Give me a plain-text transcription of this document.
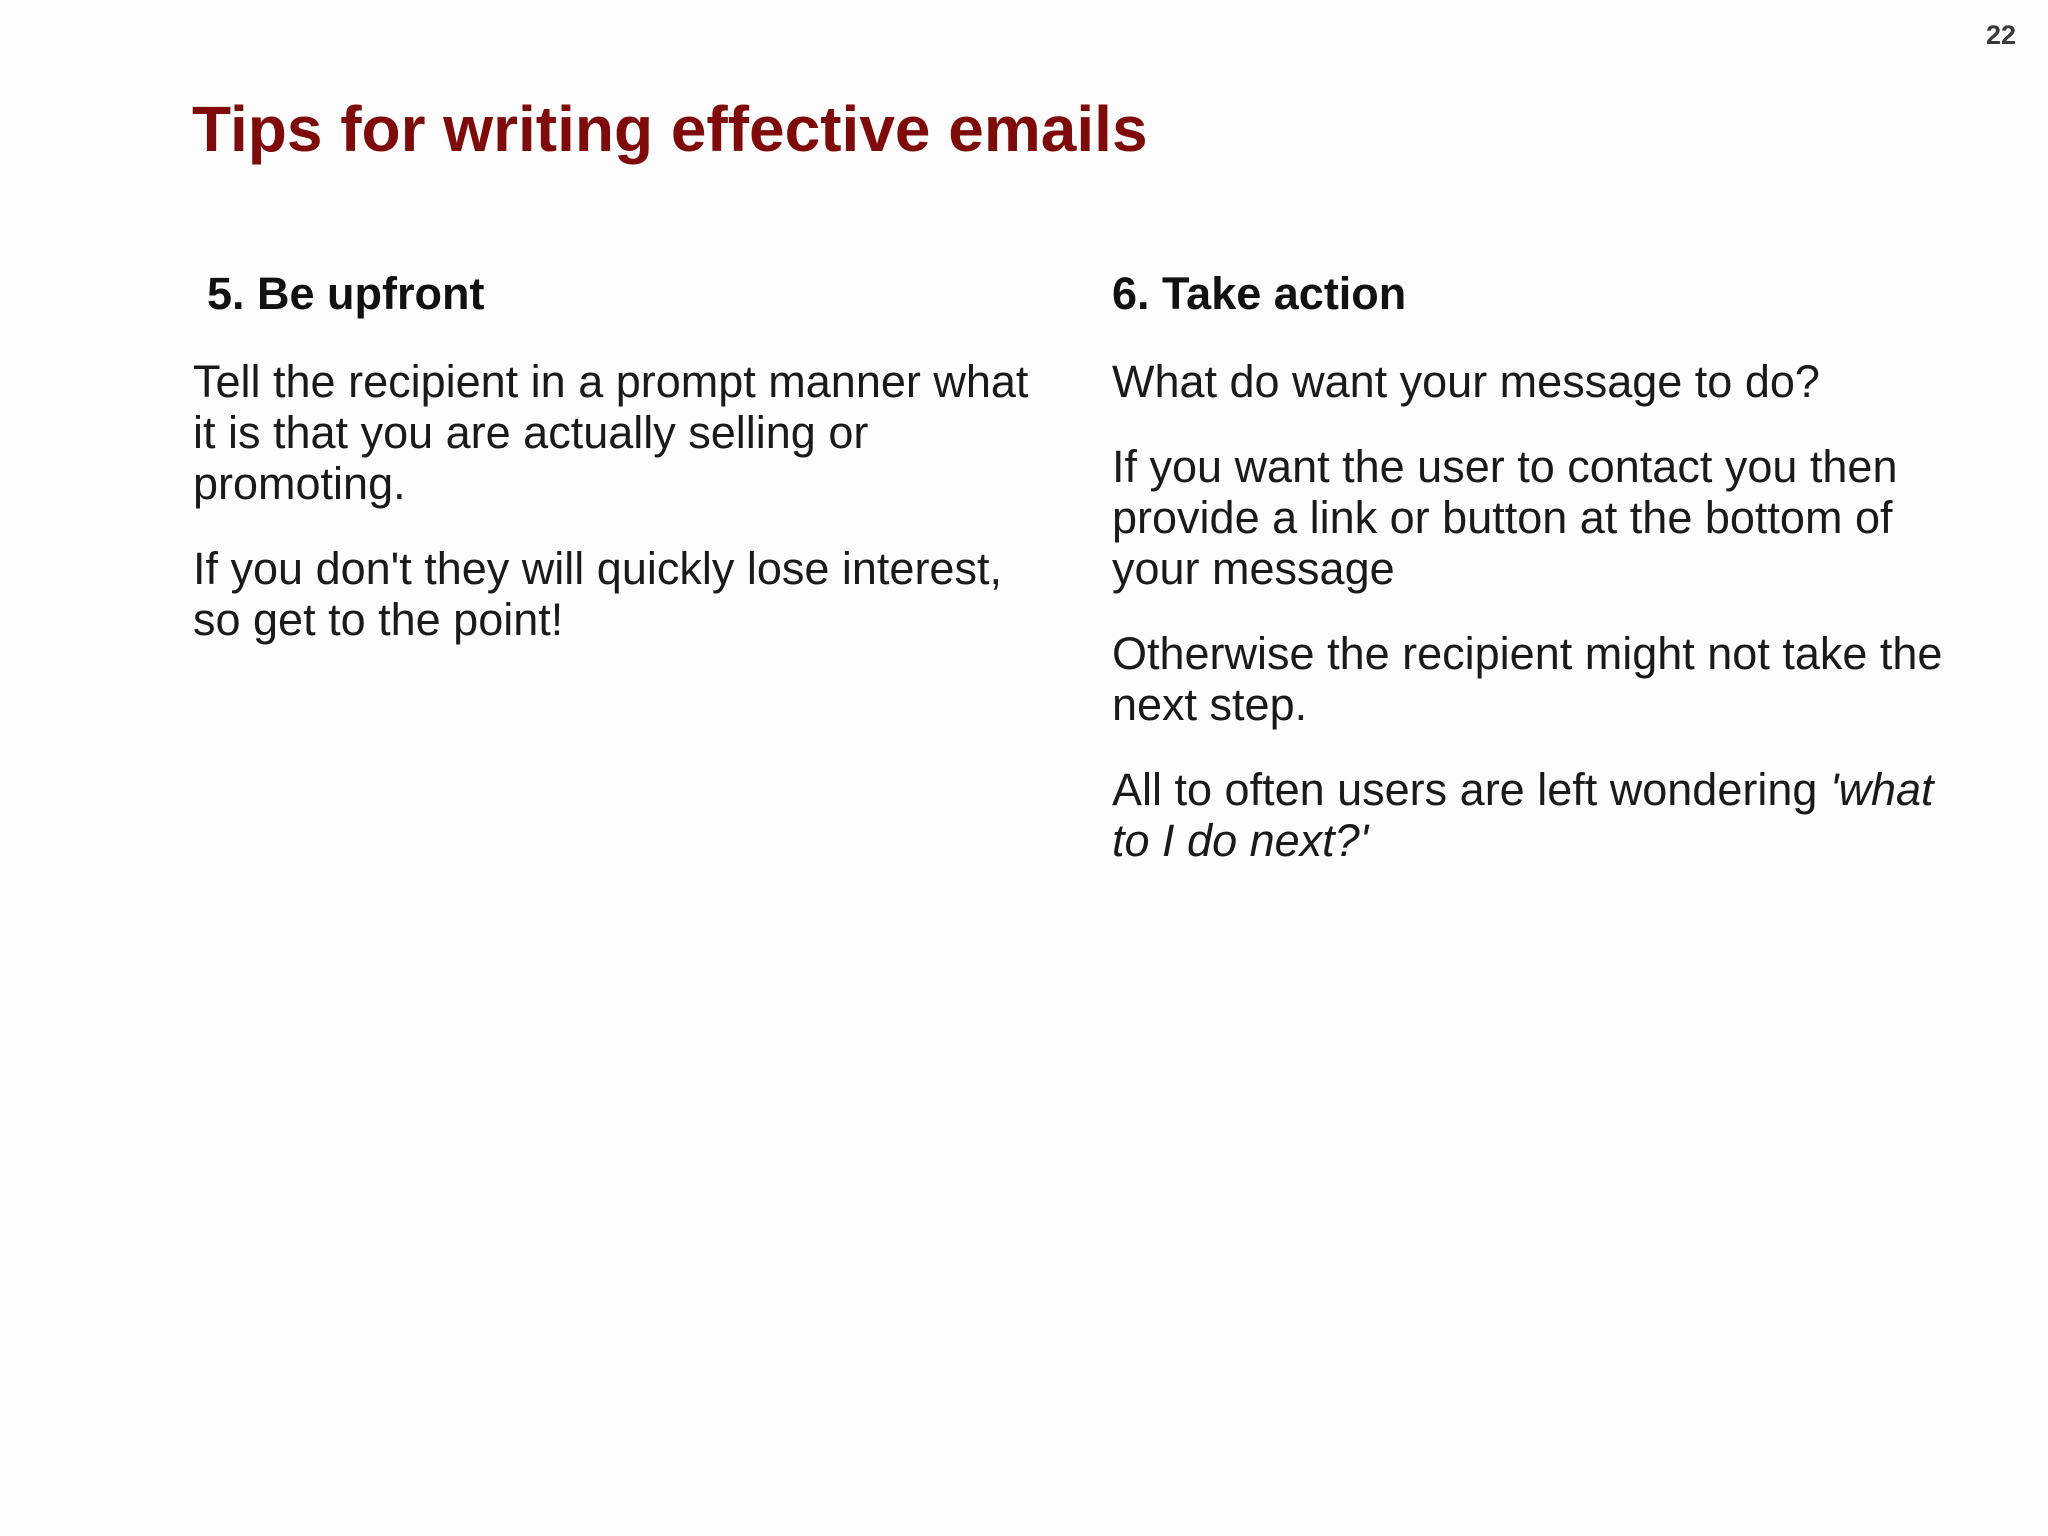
22
Tips for writing effective emails
5. Be upfront

Tell the recipient in a prompt manner what it is that you are actually selling or promoting.

If you don't they will quickly lose interest, so get to the point!

6. Take action

What do want your message to do?

If you want the user to contact you then provide a link or button at the bottom of your message

Otherwise the recipient might not take the next step.

All to often users are left wondering 'what to I do next?'
